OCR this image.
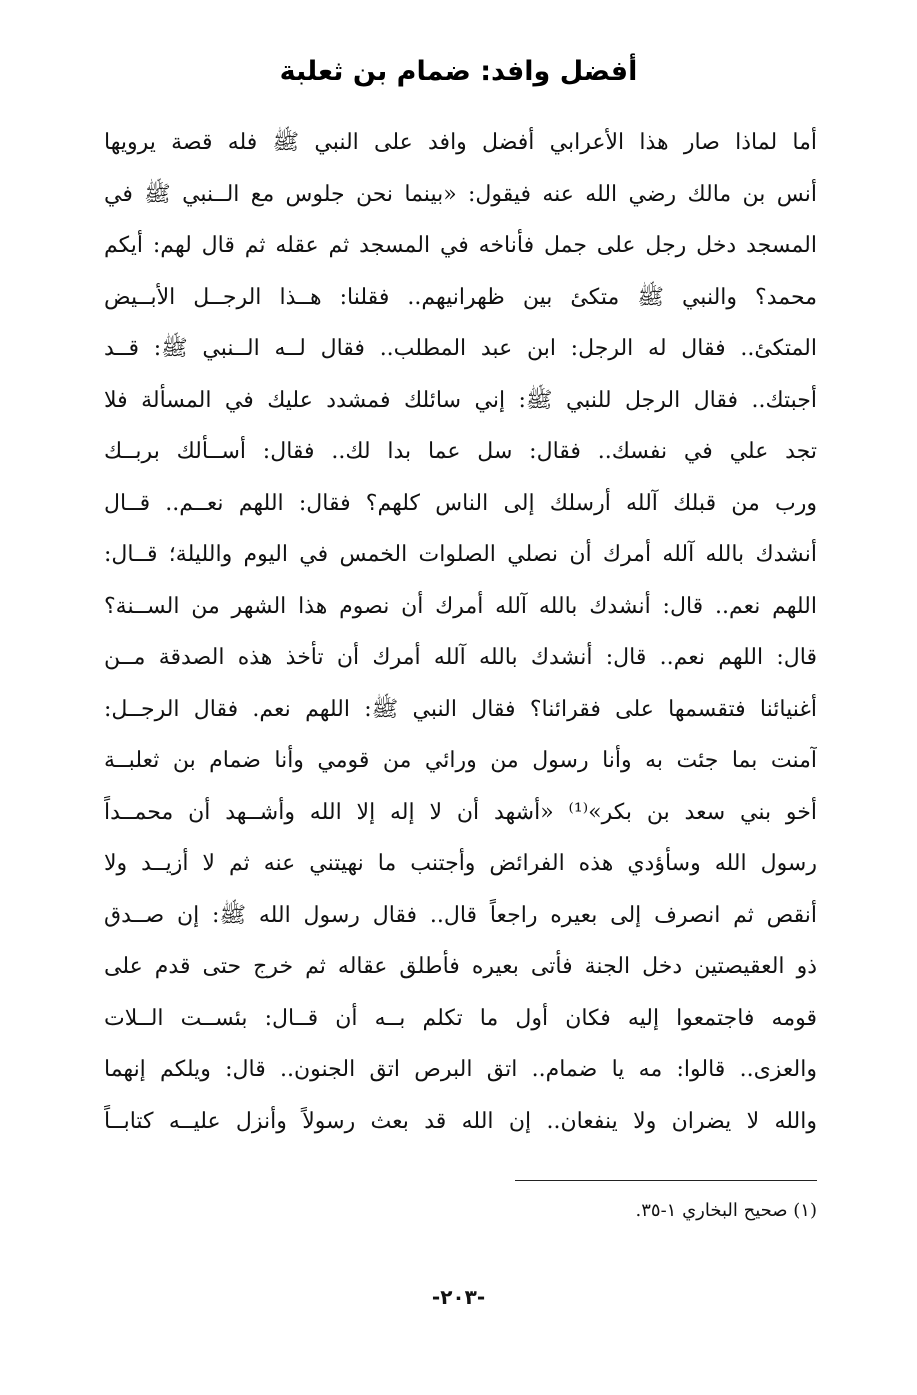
أفضل وافد: ضمام بن ثعلبة
أما لماذا صار هذا الأعرابي أفضل وافد على النبي ﷺ فله قصة يرويها
أنس بن مالك رضي الله عنه فيقول: «بينما نحن جلوس مع الــنبي ﷺ في
المسجد دخل رجل على جمل فأناخه في المسجد ثم عقله ثم قال لهم: أيكم
محمد؟ والنبي ﷺ متكئ بين ظهرانيهم.. فقلنا: هــذا الرجــل الأبــيض
المتكئ.. فقال له الرجل: ابن عبد المطلب.. فقال لــه الــنبي ﷺ: قــد
أجبتك.. فقال الرجل للنبي ﷺ: إني سائلك فمشدد عليك في المسألة فلا
تجد علي في نفسك.. فقال: سل عما بدا لك.. فقال: أســألك بربــك
ورب من قبلك آلله أرسلك إلى الناس كلهم؟ فقال: اللهم نعــم.. قــال
أنشدك بالله آلله أمرك أن نصلي الصلوات الخمس في اليوم والليلة؛ قــال:
اللهم نعم.. قال: أنشدك بالله آلله أمرك أن نصوم هذا الشهر من الســنة؟
قال: اللهم نعم.. قال: أنشدك بالله آلله أمرك أن تأخذ هذه الصدقة مــن
أغنيائنا فتقسمها على فقرائنا؟ فقال النبي ﷺ: اللهم نعم. فقال الرجــل:
آمنت بما جئت به وأنا رسول من ورائي من قومي وأنا ضمام بن ثعلبــة
أخو بني سعد بن بكر»⁽¹⁾ «أشهد أن لا إله إلا الله وأشــهد أن محمــداً
رسول الله وسأؤدي هذه الفرائض وأجتنب ما نهيتني عنه ثم لا أزيــد ولا
أنقص ثم انصرف إلى بعيره راجعاً قال.. فقال رسول الله ﷺ: إن صــدق
ذو العقيصتين دخل الجنة فأتى بعيره فأطلق عقاله ثم خرج حتى قدم على
قومه فاجتمعوا إليه فكان أول ما تكلم بــه أن قــال: بئســت الــلات
والعزى.. قالوا: مه يا ضمام.. اتق البرص اتق الجنون.. قال: ويلكم إنهما
والله لا يضران ولا ينفعان.. إن الله قد بعث رسولاً وأنزل عليــه كتابــاً
(١) صحيح البخاري ١-٣٥.
-٢٠٣-
